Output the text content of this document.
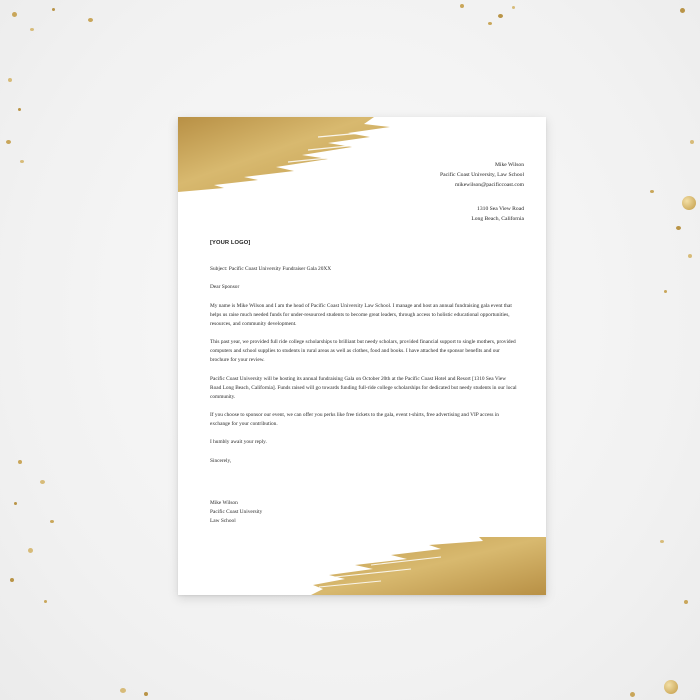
Mike Wilson
Pacific Coast University, Law School
mikewilson@pacificcoast.com
1310 Sea View Road
Long Beach, California
[YOUR LOGO]

Subject: Pacific Coast University Fundraiser Gala 20XX

Dear Sponsor

My name is Mike Wilson and I am the head of Pacific Coast University Law School. I manage and host an annual fundraising gala event that helps us raise much needed funds for under-resourced students to become great leaders, through access to holistic educational opportunities, resources, and community development.

This past year, we provided full ride college scholarships to brilliant but needy scholars, provided financial support to single mothers, provided computers and school supplies to students in rural areas as well as clothes, food and books. I have attached the sponsor benefits and our brochure for your review.

Pacific Coast University will be hosting its annual fundraising Gala on October 20th at the Pacific Coast Hotel and Resort [1310 Sea View Road Long Beach, California]. Funds raised will go towards funding full-ride college scholarships for dedicated but needy students in our local community.

If you choose to sponsor our event, we can offer you perks like free tickets to the gala, event t-shirts, free advertising and VIP access in exchange for your contribution.

I humbly await your reply.

Sincerely,

Mike Wilson
Pacific Coast University
Law School
